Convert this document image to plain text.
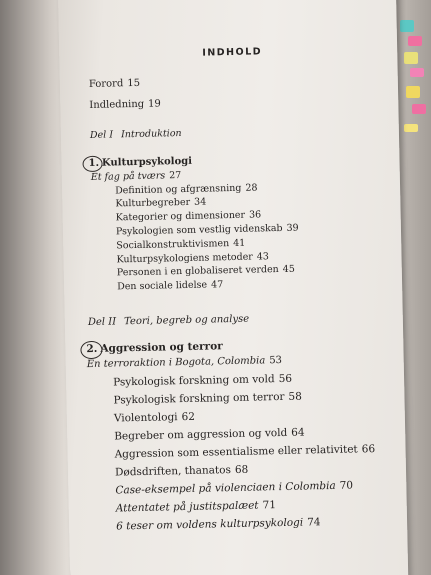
INDHOLD
Forord 15
Indledning 19
Del I Introduktion
1. Kulturpsykologi
Et fag på tværs 27
Definition og afgrænsning 28
Kulturbegreber 34
Kategorier og dimensioner 36
Psykologien som vestlig videnskab 39
Socialkonstruktivismen 41
Kulturpsykologiens metoder 43
Personen i en globaliseret verden 45
Den sociale lidelse 47
Del II Teori, begreb og analyse
2. Aggression og terror
En terroraktion i Bogota, Colombia 53
Psykologisk forskning om vold 56
Psykologisk forskning om terror 58
Violentologi 62
Begreber om aggression og vold 64
Aggression som essentialisme eller relativitet 66
Dødsdriften, thanatos 68
Case-eksempel på violenciaen i Colombia 70
Attentatet på justitspalæet 71
6 teser om voldens kulturpsykologi 74
